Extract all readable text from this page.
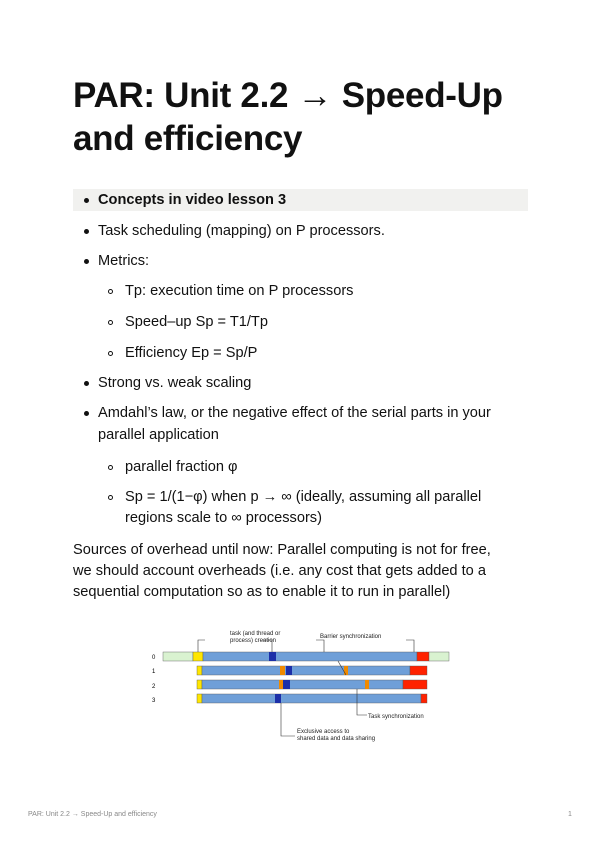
PAR: Unit 2.2 → Speed-Up and efficiency
Concepts in video lesson 3
Task scheduling (mapping) on P processors.
Metrics:
Tp: execution time on P processors
Speed–up Sp = T1/Tp
Efficiency Ep = Sp/P
Strong vs. weak scaling
Amdahl’s law, or the negative effect of the serial parts in your
parallel application
parallel fraction φ
Sp = 1/(1−φ) when p → ∞ (ideally, assuming all parallel
regions scale to ∞ processors)
Sources of overhead until now: Parallel computing is not for free,
we should account overheads (i.e. any cost that gets added to a
sequential computation so as to enable it to run in parallel)
0
1
2
3
task (and thread or
process) creation
Barrier synchronization
Task synchronization
Exclusive access to
shared data and data sharing
PAR: Unit 2.2 → Speed-Up and efficiency	1
